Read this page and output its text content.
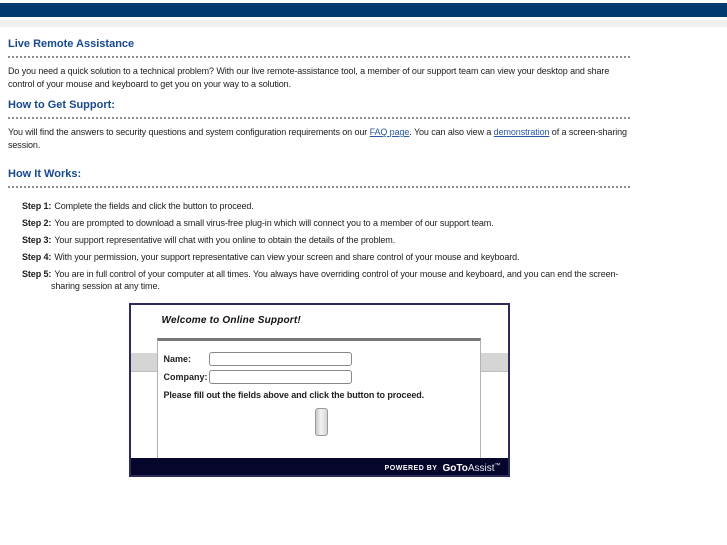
Live Remote Assistance

Do you need a quick solution to a technical problem? With our live remote-assistance tool, a member of our support team can view your desktop and share control of your mouse and keyboard to get you on your way to a solution.

How to Get Support:

You will find the answers to security questions and system configuration requirements on our FAQ page. You can also view a demonstration of a screen-sharing session.

How It Works:
Step 1: Complete the fields and click the button to proceed.
Step 2: You are prompted to download a small virus-free plug-in which will connect you to a member of our support team.
Step 3: Your support representative will chat with you online to obtain the details of the problem.
Step 4: With your permission, your support representative can view your screen and share control of your mouse and keyboard.
Step 5: You are in full control of your computer at all times. You always have overriding control of your mouse and keyboard, and you can end the screen-sharing session at any time.
Welcome to Online Support!
Name:
Company:
Please fill out the fields above and click the button to proceed.
POWERED BY GoToAssist™
